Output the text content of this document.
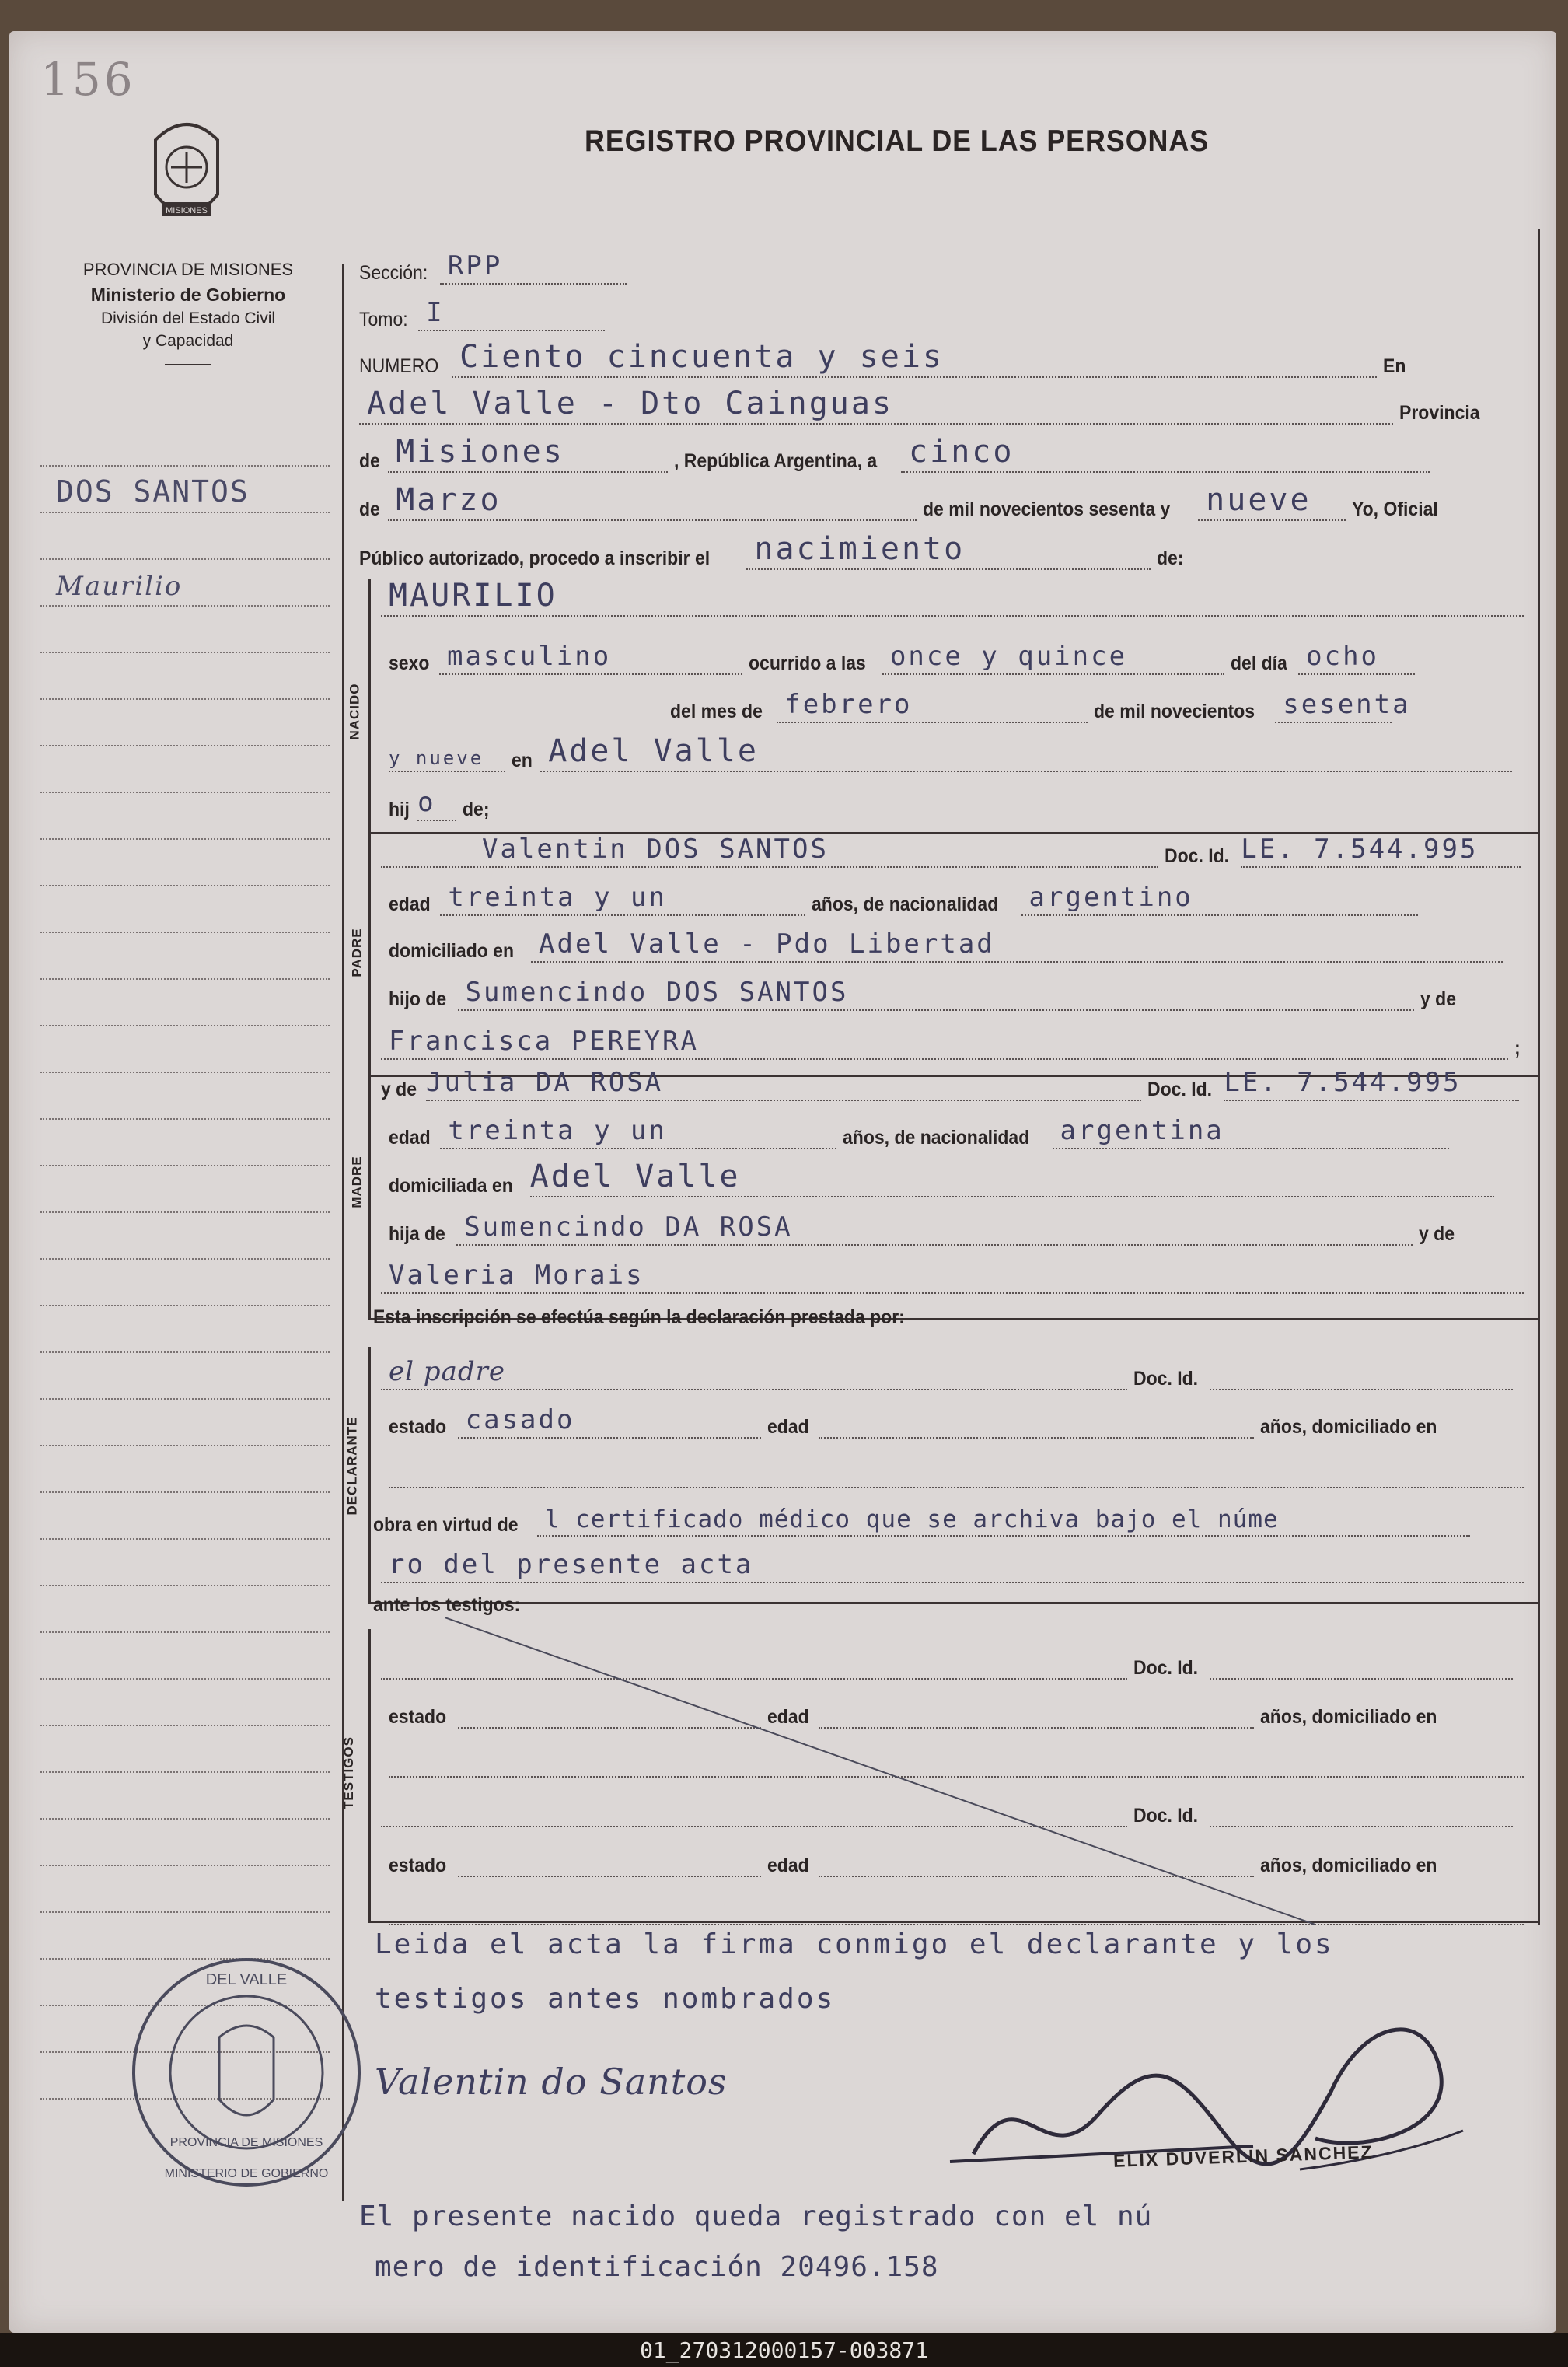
156
REGISTRO PROVINCIAL DE LAS PERSONAS
MISIONES
PROVINCIA DE MISIONES
Ministerio de Gobierno
División del Estado Civil
y Capacidad
DOS SANTOS
Maurilio
NACIDO
PADRE
MADRE
DECLARANTE
TESTIGOS
Sección: RPP
Tomo: I
NUMERO Ciento cincuenta y seis	En
Adel Valle - Dto Cainguas	Provincia
de Misiones	, República Argentina, a cinco
de Marzo	de mil novecientos sesenta y nueve Yo, Oficial
Público autorizado, procedo a inscribir el nacimiento	de:
MAURILIO
sexo masculino	ocurrido a las once y quince	del día ocho
del mes de febrero	de mil novecientos sesenta
y nueve en Adel Valle
hij o de;
Valentin DOS SANTOS	Doc. Id. LE. 7.544.995
edad treinta y un	años, de nacionalidad argentino
domiciliado en Adel Valle - Pdo Libertad
hijo de Sumencindo DOS SANTOS	y de
Francisca PEREYRA	;
y de Julia DA ROSA	Doc. Id. LE. 7.544.995
edad treinta y un	años, de nacionalidad argentina
domiciliada en Adel Valle
hija de Sumencindo DA ROSA	y de
Valeria Morais
Esta inscripción se efectúa según la declaración prestada por:
el padre	Doc. Id.
estado casado	edad	años, domiciliado en
obra en virtud de l certificado médico que se archiva bajo el núme
ro del presente acta
ante los testigos:
Doc. Id.
estado	edad	años, domiciliado en
Doc. Id.
estado	edad	años, domiciliado en
Leida el acta la firma conmigo el declarante y los
testigos antes nombrados
Valentin do Santos
El presente nacido queda registrado con el nú
mero de identificación 20496.158
DEL VALLE
MINISTERIO DE GOBIERNO
PROVINCIA DE MISIONES	ELIX DUVERLIN SANCHEZ
01_270312000157-003871
